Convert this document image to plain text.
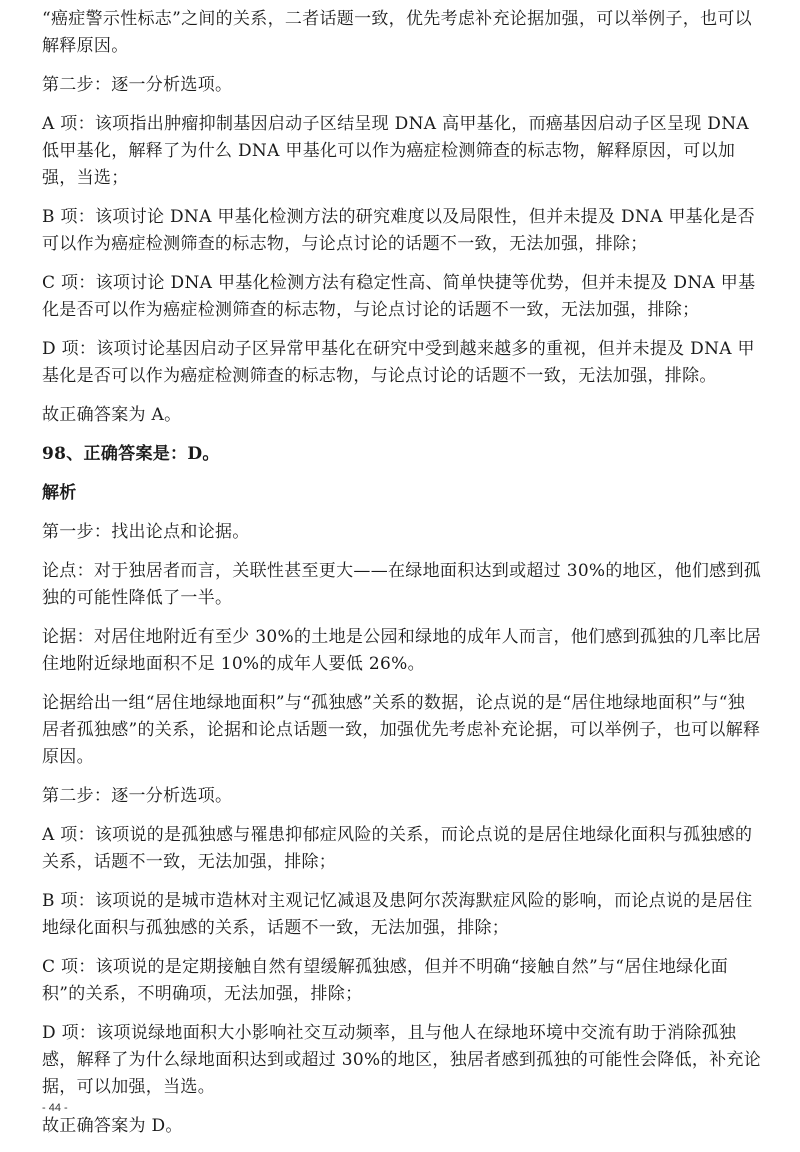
“癌症警示性标志”之间的关系，二者话题一致，优先考虑补充论据加强，可以举例子，也可以解释原因。

第二步：逐一分析选项。

A 项：该项指出肿瘤抑制基因启动子区结呈现 DNA 高甲基化，而癌基因启动子区呈现 DNA 低甲基化，解释了为什么 DNA 甲基化可以作为癌症检测筛查的标志物，解释原因，可以加强，当选；

B 项：该项讨论 DNA 甲基化检测方法的研究难度以及局限性，但并未提及 DNA 甲基化是否可以作为癌症检测筛查的标志物，与论点讨论的话题不一致，无法加强，排除；

C 项：该项讨论 DNA 甲基化检测方法有稳定性高、简单快捷等优势，但并未提及 DNA 甲基化是否可以作为癌症检测筛查的标志物，与论点讨论的话题不一致，无法加强，排除；

D 项：该项讨论基因启动子区异常甲基化在研究中受到越来越多的重视，但并未提及 DNA 甲基化是否可以作为癌症检测筛查的标志物，与论点讨论的话题不一致，无法加强，排除。

故正确答案为 A。

98、正确答案是：D。

解析

第一步：找出论点和论据。

论点：对于独居者而言，关联性甚至更大——在绿地面积达到或超过 30%的地区，他们感到孤独的可能性降低了一半。

论据：对居住地附近有至少 30%的土地是公园和绿地的成年人而言，他们感到孤独的几率比居住地附近绿地面积不足 10%的成年人要低 26%。

论据给出一组“居住地绿地面积”与“孤独感”关系的数据，论点说的是“居住地绿地面积”与“独居者孤独感”的关系，论据和论点话题一致，加强优先考虑补充论据，可以举例子，也可以解释原因。

第二步：逐一分析选项。

A 项：该项说的是孤独感与罹患抑郁症风险的关系，而论点说的是居住地绿化面积与孤独感的关系，话题不一致，无法加强，排除；

B 项：该项说的是城市造林对主观记忆减退及患阿尔茨海默症风险的影响，而论点说的是居住地绿化面积与孤独感的关系，话题不一致，无法加强，排除；

C 项：该项说的是定期接触自然有望缓解孤独感，但并不明确“接触自然”与“居住地绿化面积”的关系，不明确项，无法加强，排除；

D 项：该项说绿地面积大小影响社交互动频率，且与他人在绿地环境中交流有助于消除孤独感，解释了为什么绿地面积达到或超过 30%的地区，独居者感到孤独的可能性会降低，补充论据，可以加强，当选。

故正确答案为 D。

- 44 -
